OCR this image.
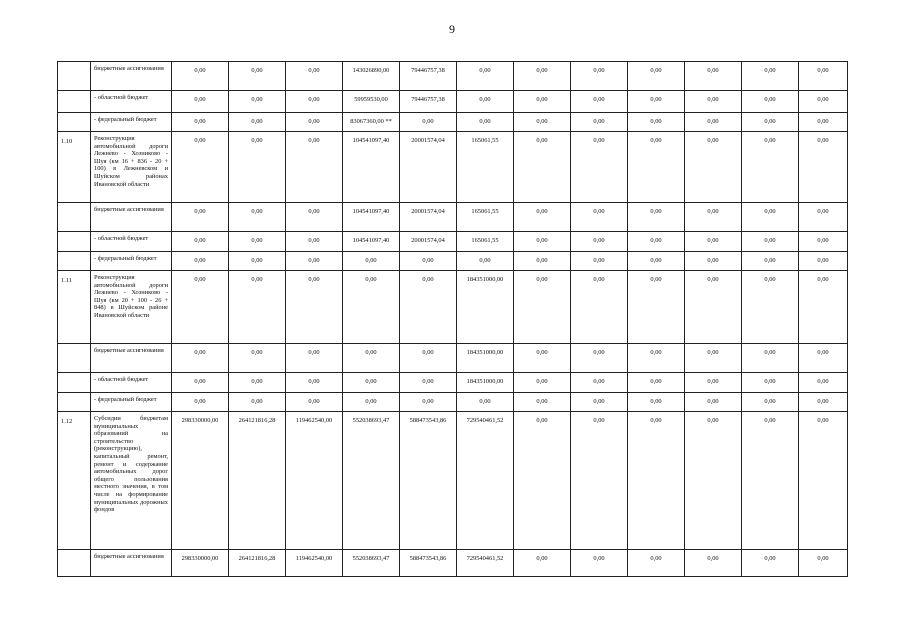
9
	бюджетные ассигнования	0,00	0,00	0,00	143026890,00	79446757,38	0,00	0,00	0,00	0,00	0,00	0,00	0,00
	- областной бюджет	0,00	0,00	0,00	59959530,00	79446757,38	0,00	0,00	0,00	0,00	0,00	0,00	0,00
	- федеральный бюджет	0,00	0,00	0,00	83067360,00 **	0,00	0,00	0,00	0,00	0,00	0,00	0,00	0,00
1.10	Реконструкция автомобильной дороги Лежнево - Хозниково - Шуя (км 16 + 836 - 20 + 100) в Лежневском и Шуйском районах Ивановской области	0,00	0,00	0,00	104541097,40	20001574,04	165061,55	0,00	0,00	0,00	0,00	0,00	0,00
	бюджетные ассигнования	0,00	0,00	0,00	104541097,40	20001574,04	165061,55	0,00	0,00	0,00	0,00	0,00	0,00
	- областной бюджет	0,00	0,00	0,00	104541097,40	20001574,04	165061,55	0,00	0,00	0,00	0,00	0,00	0,00
	- федеральный бюджет	0,00	0,00	0,00	0,00	0,00	0,00	0,00	0,00	0,00	0,00	0,00	0,00
1.11	Реконструкция автомобильной дороги Лежнево - Хозниково - Шуя (км 20 + 100 - 26 + 848) в Шуйском районе Ивановской области	0,00	0,00	0,00	0,00	0,00	184351000,00	0,00	0,00	0,00	0,00	0,00	0,00
	бюджетные ассигнования	0,00	0,00	0,00	0,00	0,00	184351000,00	0,00	0,00	0,00	0,00	0,00	0,00
	- областной бюджет	0,00	0,00	0,00	0,00	0,00	184351000,00	0,00	0,00	0,00	0,00	0,00	0,00
	- федеральный бюджет	0,00	0,00	0,00	0,00	0,00	0,00	0,00	0,00	0,00	0,00	0,00	0,00
1.12	Субсидии бюджетам муниципальных образований на строительство (реконструкцию), капитальный ремонт, ремонт и содержание автомобильных дорог общего пользования местного значения, в том числе на формирование муниципальных дорожных фондов	298330000,00	264121816,28	119462540,00	552038693,47	588473543,86	729540461,52	0,00	0,00	0,00	0,00	0,00	0,00
	бюджетные ассигнования	298330000,00	264121816,28	119462540,00	552038693,47	588473543,86	729540461,52	0,00	0,00	0,00	0,00	0,00	0,00
